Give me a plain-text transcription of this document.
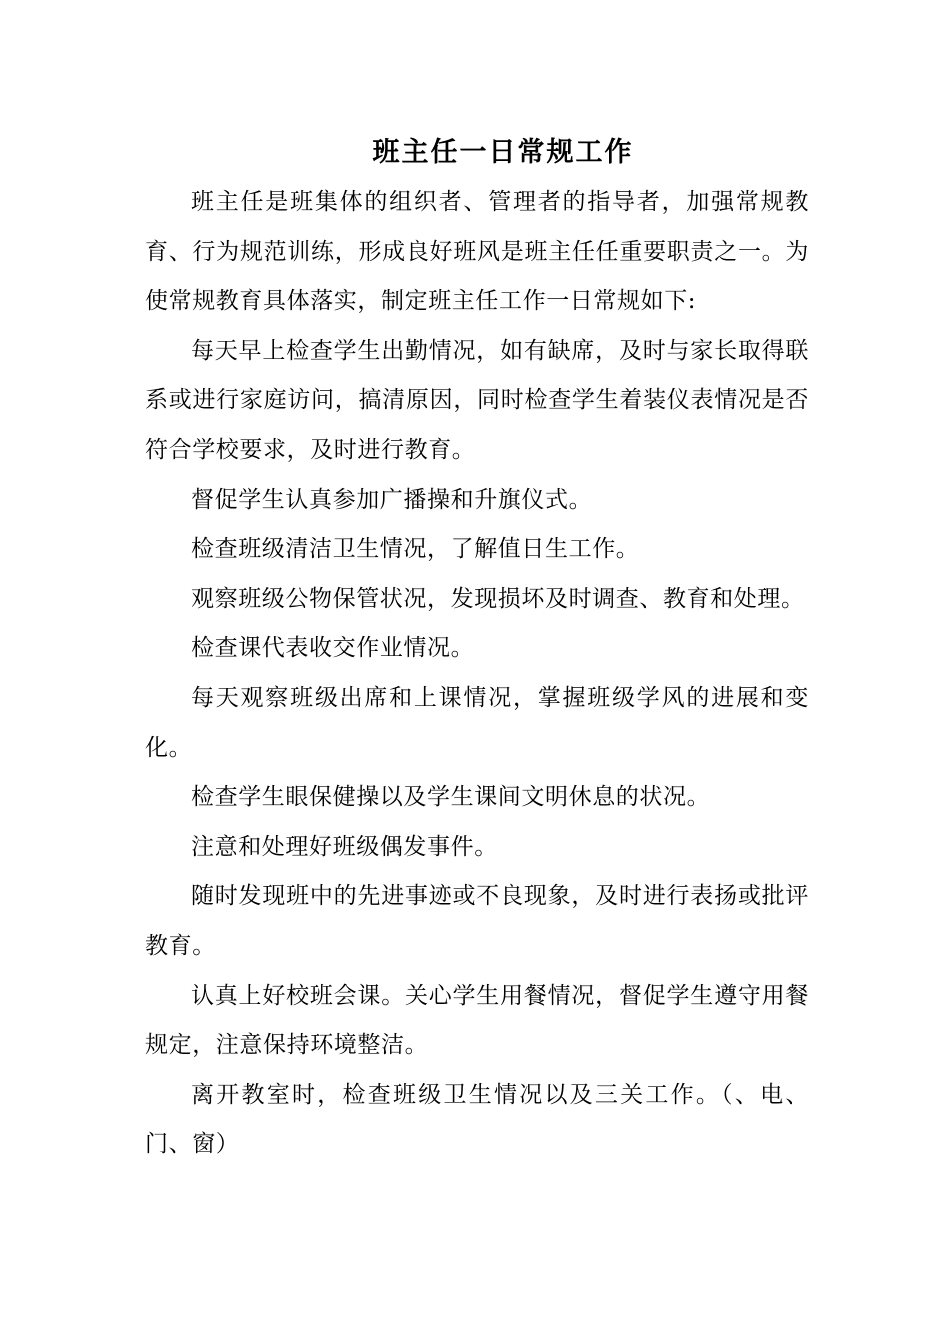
班主任一日常规工作

班主任是班集体的组织者、管理者的指导者，加强常规教育、行为规范训练，形成良好班风是班主任任重要职责之一。为使常规教育具体落实，制定班主任工作一日常规如下:

每天早上检查学生出勤情况，如有缺席，及时与家长取得联系或进行家庭访问，搞清原因，同时检查学生着装仪表情况是否符合学校要求，及时进行教育。

督促学生认真参加广播操和升旗仪式。

检查班级清洁卫生情况，了解值日生工作。

观察班级公物保管状况，发现损坏及时调查、教育和处理。

检查课代表收交作业情况。

每天观察班级出席和上课情况，掌握班级学风的进展和变化。

检查学生眼保健操以及学生课间文明休息的状况。

注意和处理好班级偶发事件。

随时发现班中的先进事迹或不良现象，及时进行表扬或批评教育。

认真上好校班会课。关心学生用餐情况，督促学生遵守用餐规定，注意保持环境整洁。

离开教室时，检查班级卫生情况以及三关工作。（、电、门、窗）
